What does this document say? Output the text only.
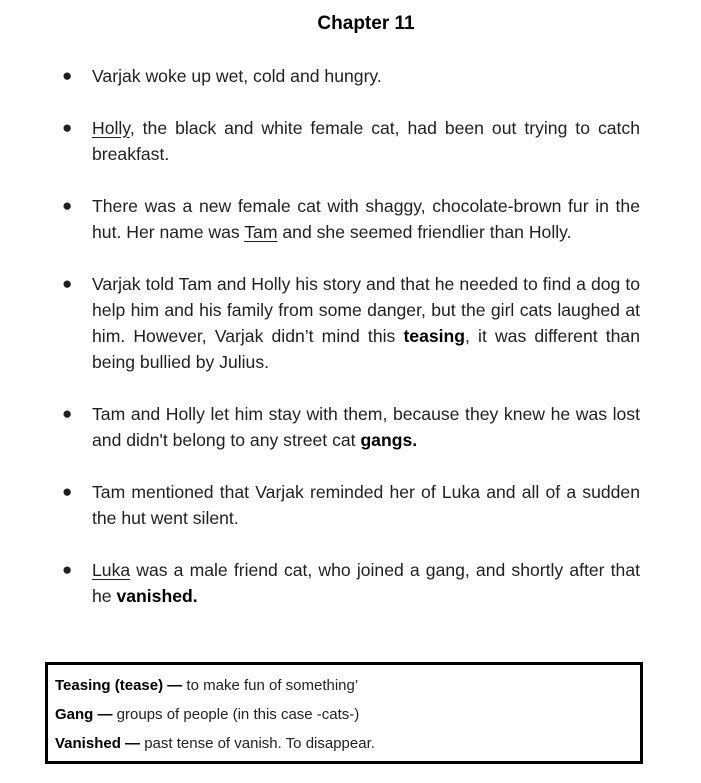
Chapter 11
●	Varjak woke up wet, cold and hungry.
●	Holly, the black and white female cat, had been out trying to catch breakfast.
●	There was a new female cat with shaggy, chocolate-brown fur in the hut. Her name was Tam and she seemed friendlier than Holly.
●	Varjak told Tam and Holly his story and that he needed to find a dog to help him and his family from some danger, but the girl cats laughed at him. However, Varjak didn’t mind this teasing, it was different than being bullied by Julius.
●	Tam and Holly let him stay with them, because they knew he was lost and didn't belong to any street cat gangs.
●	Tam mentioned that Varjak reminded her of Luka and all of a sudden the hut went silent.
●	Luka was a male friend cat, who joined a gang, and shortly after that he vanished.
Teasing (tease) — to make fun of something’
Gang — groups of people (in this case -cats-)
Vanished — past tense of vanish. To disappear.
